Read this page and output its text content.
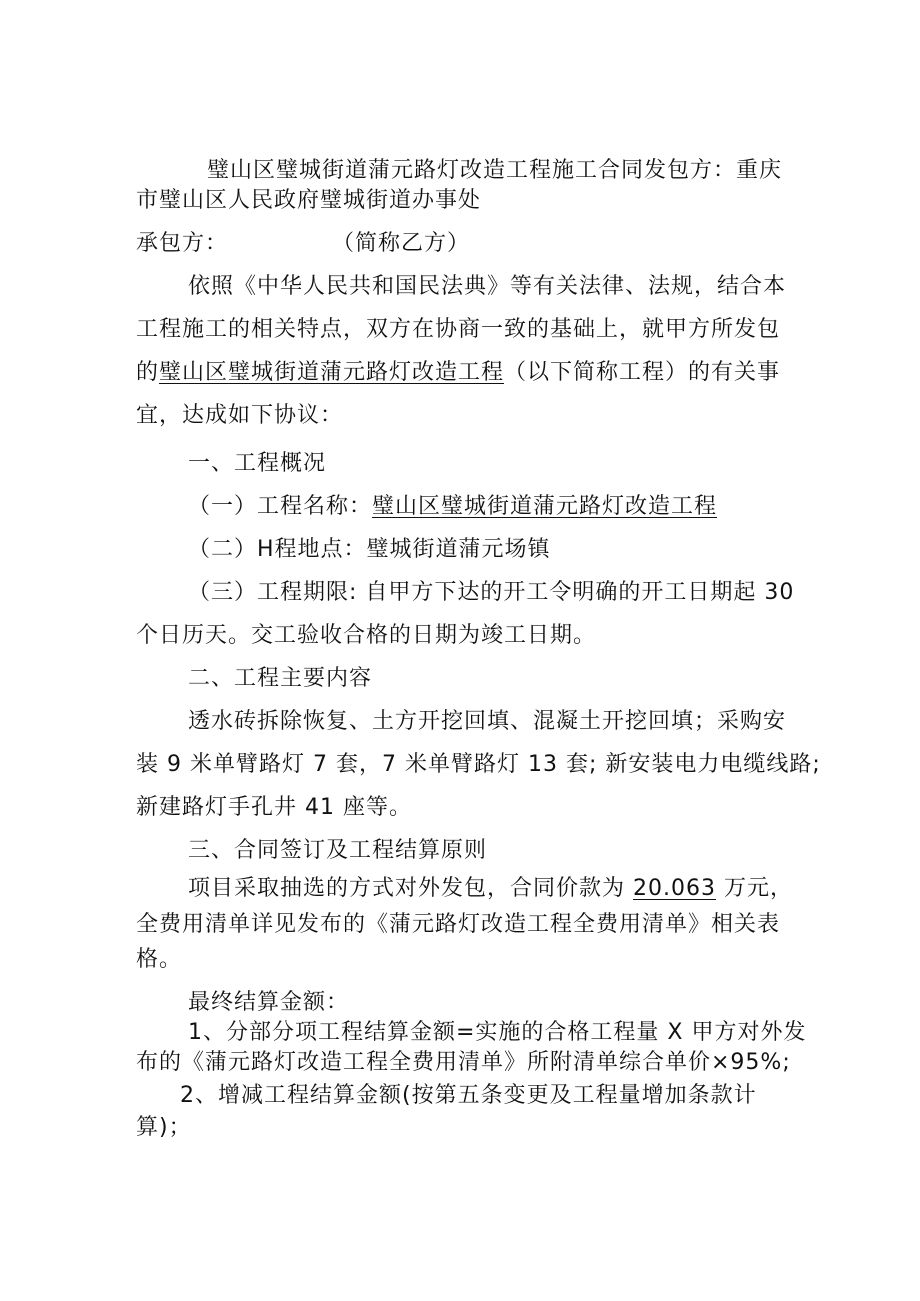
璧山区璧城街道蒲元路灯改造工程施工合同发包方：重庆
市璧山区人民政府璧城街道办事处
承包方：	（简称乙方）
依照《中华人民共和国民法典》等有关法律、法规，结合本
工程施工的相关特点，双方在协商一致的基础上，就甲方所发包
的璧山区璧城街道蒲元路灯改造工程（以下简称工程）的有关事
宜，达成如下协议：
一、工程概况
（一）工程名称：璧山区璧城街道蒲元路灯改造工程
（二）H程地点：璧城街道蒲元场镇
（三）工程期限: 自甲方下达的开工令明确的开工日期起 30
个日历天。交工验收合格的日期为竣工日期。
二、工程主要内容
透水砖拆除恢复、土方开挖回填、混凝土开挖回填；采购安
装 9 米单臂路灯 7 套，7 米单臂路灯 13 套; 新安装电力电缆线路;
新建路灯手孔井 41 座等。
三、合同签订及工程结算原则
项目采取抽选的方式对外发包，合同价款为 20.063 万元，
全费用清单详见发布的《蒲元路灯改造工程全费用清单》相关表
格。
最终结算金额：
1、分部分项工程结算金额=实施的合格工程量 X 甲方对外发
布的《蒲元路灯改造工程全费用清单》所附清单综合单价×95%;
2、增减工程结算金额(按第五条变更及工程量增加条款计
算)；
